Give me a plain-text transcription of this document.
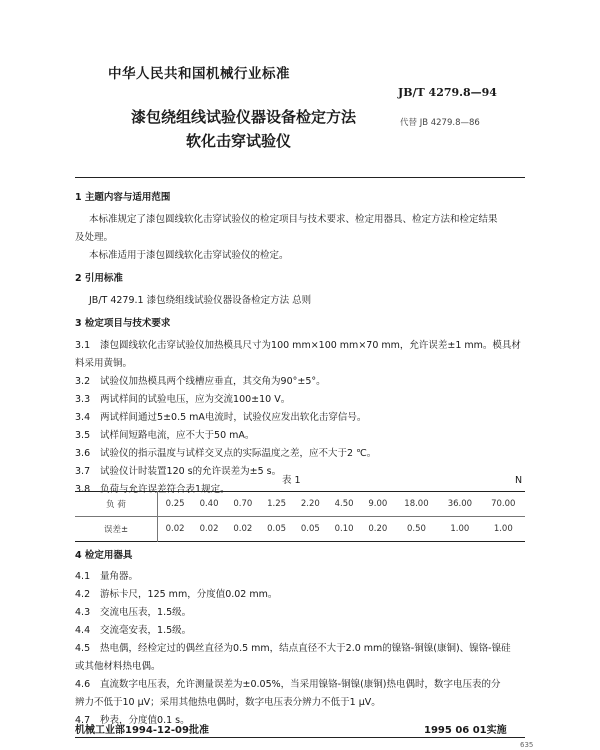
中华人民共和国机械行业标准
JB/T 4279.8—94
漆包绕组线试验仪器设备检定方法
软化击穿试验仪
代替 JB 4279.8—86
1 主题内容与适用范围
本标准规定了漆包圆线软化击穿试验仪的检定项目与技术要求、检定用器具、检定方法和检定结果
及处理。
本标准适用于漆包圆线软化击穿试验仪的检定。
2 引用标准
JB/T 4279.1 漆包绕组线试验仪器设备检定方法 总则
3 检定项目与技术要求
3.1 漆包圆线软化击穿试验仪加热模具尺寸为100 mm×100 mm×70 mm，允许误差±1 mm。模具材
料采用黄铜。
3.2 试验仪加热模具两个线槽应垂直，其交角为90°±5°。
3.3 两试样间的试验电压，应为交流100±10 V。
3.4 两试样间通过5±0.5 mA电流时，试验仪应发出软化击穿信号。
3.5 试样间短路电流，应不大于50 mA。
3.6 试验仪的指示温度与试样交叉点的实际温度之差，应不大于2 ℃。
3.7 试验仪计时装置120 s的允许误差为±5 s。
3.8 负荷与允许误差符合表1规定。
表 1	N
负 荷	0.25	0.40	0.70	1.25	2.20	4.50	9.00	18.00	36.00	70.00
误差±	0.02	0.02	0.02	0.05	0.05	0.10	0.20	0.50	1.00	1.00
4 检定用器具
4.1 量角器。
4.2 游标卡尺，125 mm，分度值0.02 mm。
4.3 交流电压表，1.5级。
4.4 交流毫安表，1.5级。
4.5 热电偶，经检定过的偶丝直径为0.5 mm，结点直径不大于2.0 mm的镍铬-铜镍(康铜)、镍铬-镍硅
或其他材料热电偶。
4.6 直流数字电压表，允许测量误差为±0.05%，当采用镍铬-铜镍(康铜)热电偶时，数字电压表的分
辨力不低于10 μV；采用其他热电偶时，数字电压表分辨力不低于1 μV。
4.7 秒表，分度值0.1 s。
机械工业部1994-12-09批准	1995 06 01实施
635
